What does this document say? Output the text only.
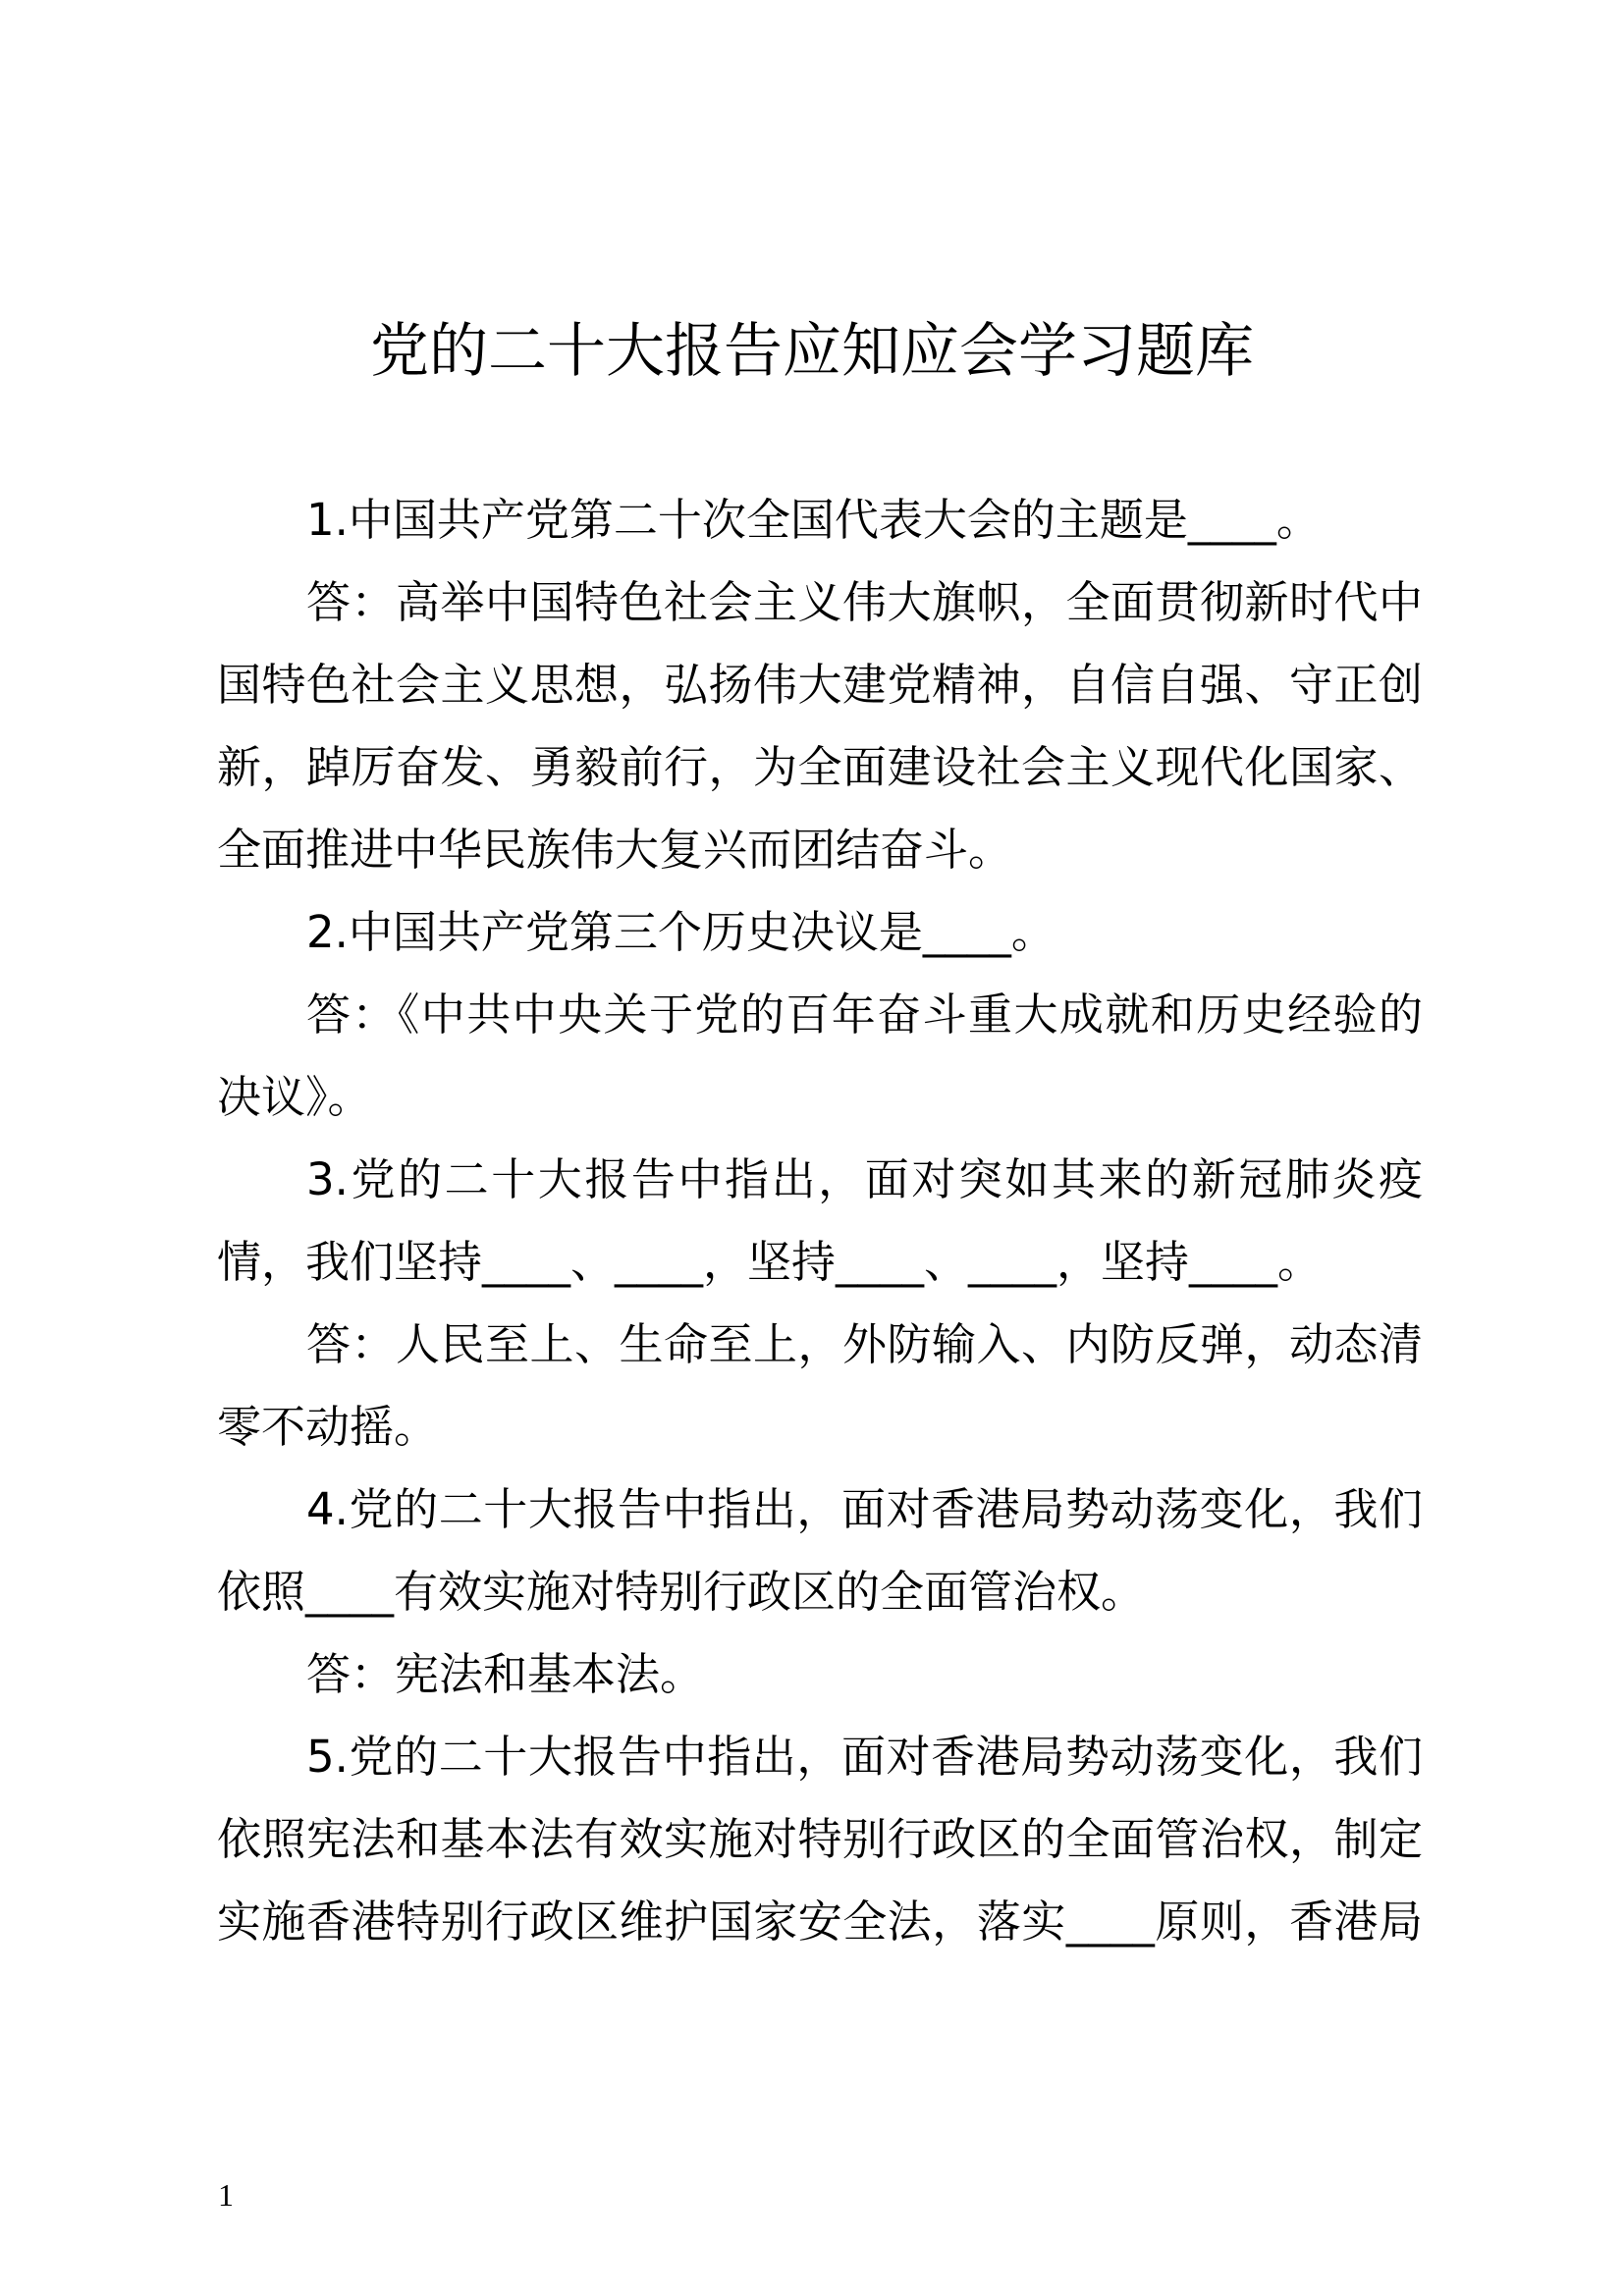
党的二十大报告应知应会学习题库
1.中国共产党第二十次全国代表大会的主题是____。
答：高举中国特色社会主义伟大旗帜，全面贯彻新时代中
国特色社会主义思想，弘扬伟大建党精神，自信自强、守正创
新，踔厉奋发、勇毅前行，为全面建设社会主义现代化国家、
全面推进中华民族伟大复兴而团结奋斗。
2.中国共产党第三个历史决议是____。
答：《中共中央关于党的百年奋斗重大成就和历史经验的
决议》。
3.党的二十大报告中指出，面对突如其来的新冠肺炎疫
情，我们坚持____、____，坚持____、____，坚持____。
答：人民至上、生命至上，外防输入、内防反弹，动态清
零不动摇。
4.党的二十大报告中指出，面对香港局势动荡变化，我们
依照____有效实施对特别行政区的全面管治权。
答：宪法和基本法。
5.党的二十大报告中指出，面对香港局势动荡变化，我们
依照宪法和基本法有效实施对特别行政区的全面管治权，制定
实施香港特别行政区维护国家安全法，落实____原则，香港局
1
